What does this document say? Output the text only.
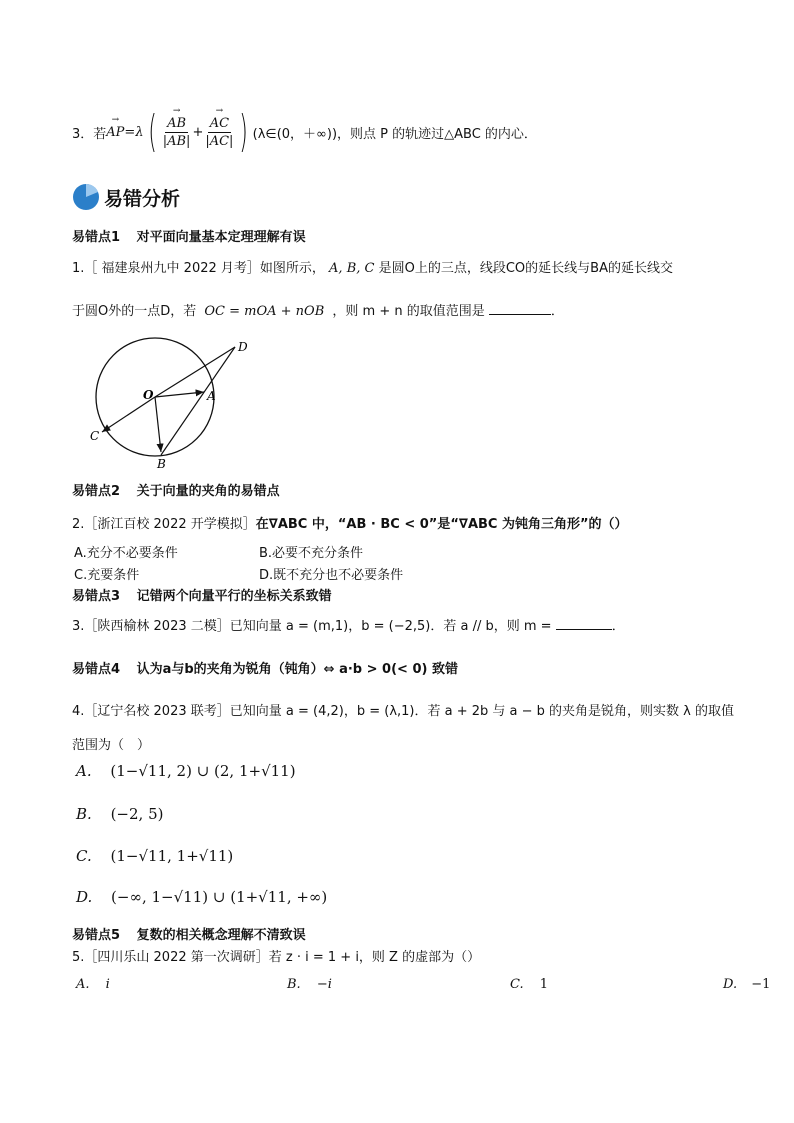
3．若 → AP =λ ( → $\frac{AB}{|AB|}$ + → $\frac{AC}{|AC|}$ ) (λ∈(0，＋∞))，则点 P 的轨迹过△ABC 的内心．
易错分析
易错点1 对平面向量基本定理理解有误
1.［ 福建泉州九中 2022 月考］如图所示， A, B, C 是圆O上的三点，线段CO的延长线与BA的延长线交
于圆O外的一点D，若 OC = mOA + nOB ，则 m + n 的取值范围是	．
D
O	A
C
B
易错点2 关于向量的夹角的易错点
2.［浙江百校 2022 开学模拟］在∇ABC 中，“AB · BC < 0”是“∇ABC 为钝角三角形”的（）
A.充分不必要条件	B.必要不充分条件
C.充要条件	D.既不充分也不必要条件
易错点3 记错两个向量平行的坐标关系致错
3.［陕西榆林 2023 二模］已知向量 a = (m,1)，b = (−2,5)．若 a // b，则 m =	．
易错点4 认为a与b的夹角为锐角（钝角）⇔ a·b > 0(< 0) 致错
4.［辽宁名校 2023 联考］已知向量 a = (4,2)，b = (λ,1)．若 a + 2b 与 a − b 的夹角是锐角，则实数 λ 的取值
范围为（　）
A. (1−√11, 2) ∪ (2, 1+√11)
B. (−2, 5)
C. (1−√11, 1+√11)
D. (−∞, 1−√11) ∪ (1+√11, +∞)
易错点5 复数的相关概念理解不清致误
5.［四川乐山 2022 第一次调研］若 z · i = 1 + i，则 Z 的虚部为（）
A. i	B. −i	C. 1	D. −1
